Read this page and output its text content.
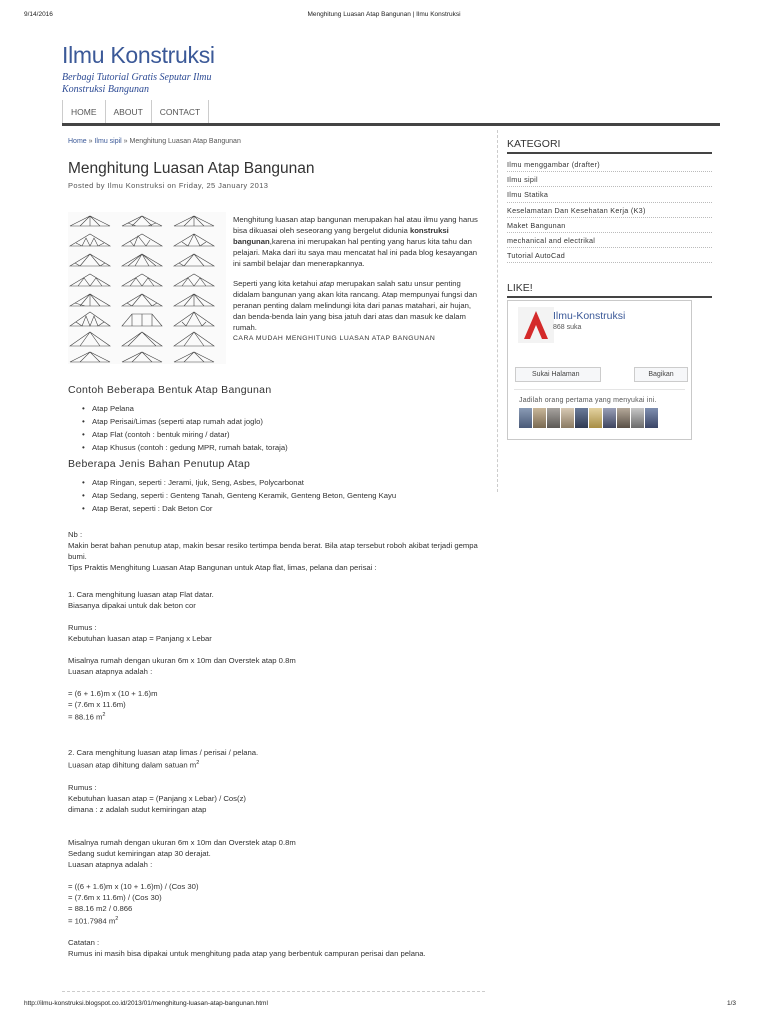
9/14/2016	Menghitung Luasan Atap Bangunan | Ilmu Konstruksi
Ilmu Konstruksi
Berbagi Tutorial Gratis Seputar Ilmu Konstruksi Bangunan
HOME	ABOUT	CONTACT
Home » Ilmu sipil » Menghitung Luasan Atap Bangunan
Menghitung Luasan Atap Bangunan
Posted by Ilmu Konstruksi on Friday, 25 January 2013

Menghitung luasan atap bangunan merupakan hal atau ilmu yang harus bisa dikuasai oleh seseorang yang bergelut didunia konstruksi bangunan,karena ini merupakan hal penting yang harus kita tahu dan pelajari. Maka dari itu saya mau mencatat hal ini pada blog kesayangan ini sambil belajar dan menerapkannya.

Seperti yang kita ketahui atap merupakan salah satu unsur penting didalam bangunan yang akan kita rancang. Atap mempunyai fungsi dan peranan penting dalam melindungi kita dari panas matahari, air hujan, dan benda-benda lain yang bisa jatuh dari atas dan masuk ke dalam rumah.

CARA MUDAH MENGHITUNG LUASAN ATAP BANGUNAN

Contoh Beberapa Bentuk Atap Bangunan
• Atap Pelana
• Atap Perisai/Limas (seperti atap rumah adat joglo)
• Atap Flat (contoh : bentuk miring / datar)
• Atap Khusus (contoh : gedung MPR, rumah batak, toraja)
Beberapa Jenis Bahan Penutup Atap
• Atap Ringan, seperti : Jerami, Ijuk, Seng, Asbes, Polycarbonat
• Atap Sedang, seperti : Genteng Tanah, Genteng Keramik, Genteng Beton, Genteng Kayu
• Atap Berat, seperti : Dak Beton Cor
Nb :
Makin berat bahan penutup atap, makin besar resiko tertimpa benda berat. Bila atap tersebut roboh akibat terjadi gempa bumi.
Tips Praktis Menghitung Luasan Atap Bangunan untuk Atap flat, limas, pelana dan perisai :
1. Cara menghitung luasan atap Flat datar.
Biasanya dipakai untuk dak beton cor
Rumus :
Kebutuhan luasan atap = Panjang x Lebar
Misalnya rumah dengan ukuran 6m x 10m dan Overstek atap 0.8m
Luasan atapnya adalah :
= (6 + 1.6)m x (10 + 1.6)m
= (7.6m x 11.6m)
= 88.16 $m^2$
2. Cara menghitung luasan atap limas / perisai / pelana.
Luasan atap dihitung dalam satuan $m^2$
Rumus :
Kebutuhan luasan atap = (Panjang x Lebar) / Cos(z)
dimana : z adalah sudut kemiringan atap
Misalnya rumah dengan ukuran 6m x 10m dan Overstek atap 0.8m
Sedang sudut kemiringan atap 30 derajat.
Luasan atapnya adalah :
= ((6 + 1.6)m x (10 + 1.6)m) / (Cos 30)
= (7.6m x 11.6m) / (Cos 30)
= 88.16 m2 / 0.866
= 101.7984 $m^2$
Catatan :
Rumus ini masih bisa dipakai untuk menghitung pada atap yang berbentuk campuran perisai dan pelana.
KATEGORI
Ilmu menggambar (drafter)
Ilmu sipil
Ilmu Statika
Keselamatan Dan Kesehatan Kerja (K3)
Maket Bangunan
mechanical and electrikal
Tutorial AutoCad
LIKE!
Ilmu-Konstruksi
868 suka
Sukai Halaman	Bagikan
Jadilah orang pertama yang menyukai ini.
http://ilmu-konstruksi.blogspot.co.id/2013/01/menghitung-luasan-atap-bangunan.html	1/3
